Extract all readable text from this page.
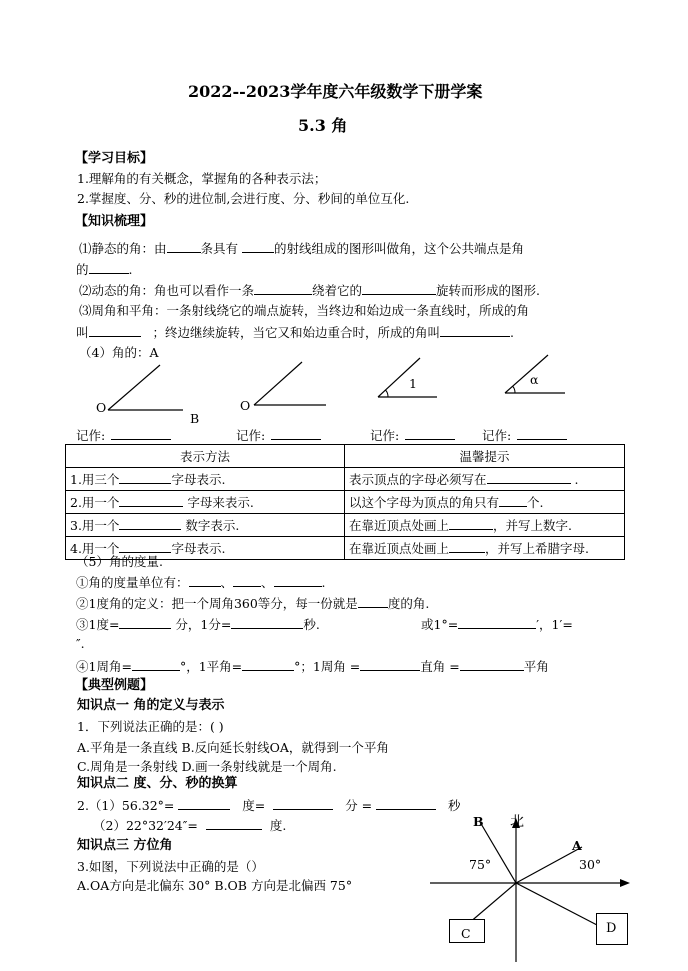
2022--2023学年度六年级数学下册学案
5.3 角
【学习目标】
1.理解角的有关概念，掌握角的各种表示法；
2.掌握度、分、秒的进位制,会进行度、分、秒间的单位互化.
【知识梳理】
⑴静态的角：由	条具有	的射线组成的图形叫做角，这个公共端点是角
的	.
⑵动态的角：角也可以看作一条	绕着它的	旋转而形成的图形.
⑶周角和平角：一条射线绕它的端点旋转，当终边和始边成一条直线时，所成的角
叫	；终边继续旋转，当它又和始边重合时，所成的角叫	.
（4）角的：A
O
B
O
1	α
记作:	记作:	记作:	记作:
表示方法	温馨提示
1.用三个 字母表示.	表示顶点的字母必须写在 .
2.用一个 字母来表示.	以这个字母为顶点的角只有 个.
3.用一个 数字表示.	在靠近顶点处画上 ，并写上数字.
4.用一个 字母表示.	在靠近顶点处画上 ，并写上希腊字母.
（5）角的度量.
①角的度量单位有：	、 、	.
②1度角的定义：把一个周角360等分，每一份就是 度的角.
③1度=	分，1分=	秒.	或1°=	′，1′=
″.
④1周角=	°，1平角=	°；1周角 =	直角 =	平角
【典型例题】
知识点一 角的定义与表示
1．下列说法正确的是：( )
A.平角是一条直线 B.反向延长射线OA，就得到一个平角
C.周角是一条射线 D.画一条射线就是一个周角.
知识点二 度、分、秒的换算
2.（1）56.32°=	度=	分 =	秒
（2）22°32′24″=	度.
知识点三 方位角
3.如图，下列说法中正确的是（）
A.OA方向是北偏东 30° B.OB 方向是北偏西 75°
北
B
A
75°	30°
C	D
